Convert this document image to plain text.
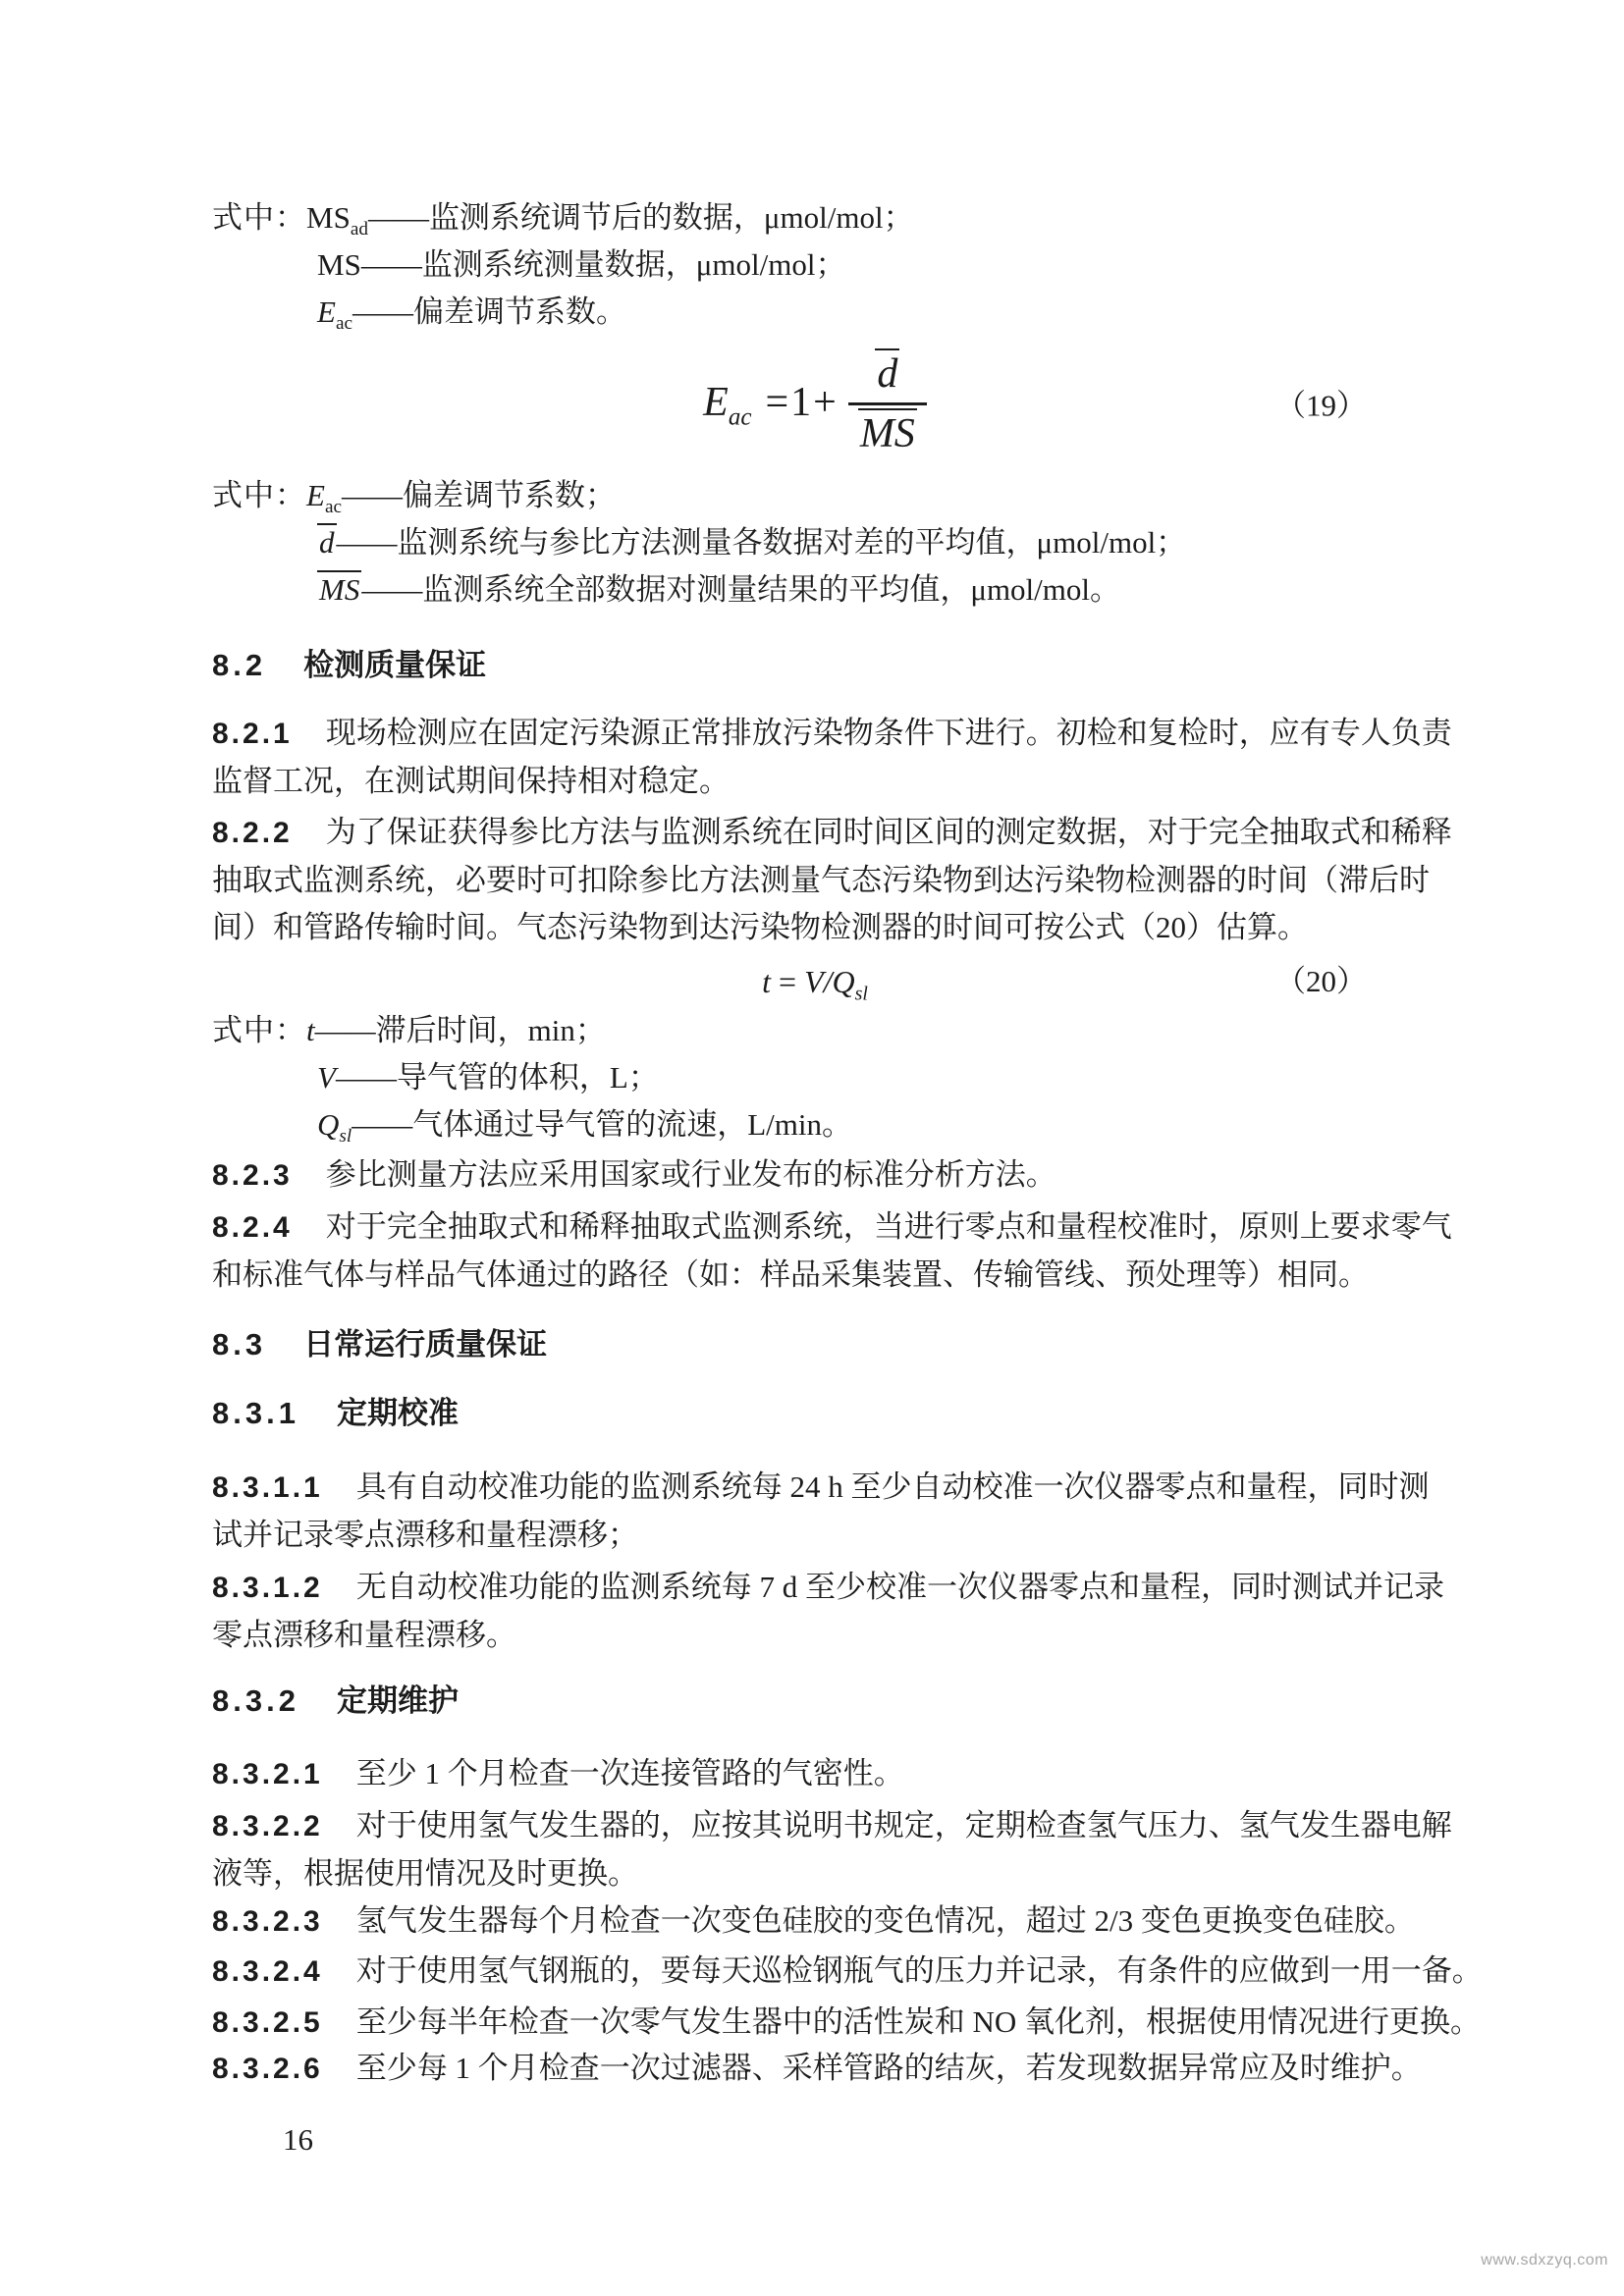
式中：$MS_{ad}——$监测系统调节后的数据，μmol/mol；
MS——监测系统测量数据，μmol/mol；
$E_{ac}——$偏差调节系数。
$E_{ac} =1+ \frac{d}{MS}$	（19）
式中：$E_{ac}——$偏差调节系数；
d——监测系统与参比方法测量各数据对差的平均值，μmol/mol；
MS——监测系统全部数据对测量结果的平均值，μmol/mol。
8.2 检测质量保证
8.2.1 现场检测应在固定污染源正常排放污染物条件下进行。初检和复检时，应有专人负责
监督工况，在测试期间保持相对稳定。
8.2.2 为了保证获得参比方法与监测系统在同时间区间的测定数据，对于完全抽取式和稀释
抽取式监测系统，必要时可扣除参比方法测量气态污染物到达污染物检测器的时间（滞后时
间）和管路传输时间。气态污染物到达污染物检测器的时间可按公式（20）估算。
$t = V/Q_{sl}$	（20）
式中：t——滞后时间，min；
V——导气管的体积，L；
$Q_{sl}——$气体通过导气管的流速，L/min。
8.2.3 参比测量方法应采用国家或行业发布的标准分析方法。
8.2.4 对于完全抽取式和稀释抽取式监测系统，当进行零点和量程校准时，原则上要求零气
和标准气体与样品气体通过的路径（如：样品采集装置、传输管线、预处理等）相同。
8.3 日常运行质量保证
8.3.1 定期校准
8.3.1.1 具有自动校准功能的监测系统每 24 h 至少自动校准一次仪器零点和量程，同时测
试并记录零点漂移和量程漂移；
8.3.1.2 无自动校准功能的监测系统每 7 d 至少校准一次仪器零点和量程，同时测试并记录
零点漂移和量程漂移。
8.3.2 定期维护
8.3.2.1 至少 1 个月检查一次连接管路的气密性。
8.3.2.2 对于使用氢气发生器的，应按其说明书规定，定期检查氢气压力、氢气发生器电解
液等，根据使用情况及时更换。
8.3.2.3 氢气发生器每个月检查一次变色硅胶的变色情况，超过 2/3 变色更换变色硅胶。
8.3.2.4 对于使用氢气钢瓶的，要每天巡检钢瓶气的压力并记录，有条件的应做到一用一备。
8.3.2.5 至少每半年检查一次零气发生器中的活性炭和 NO 氧化剂，根据使用情况进行更换。
8.3.2.6 至少每 1 个月检查一次过滤器、采样管路的结灰，若发现数据异常应及时维护。
16
www.sdxzyq.com
